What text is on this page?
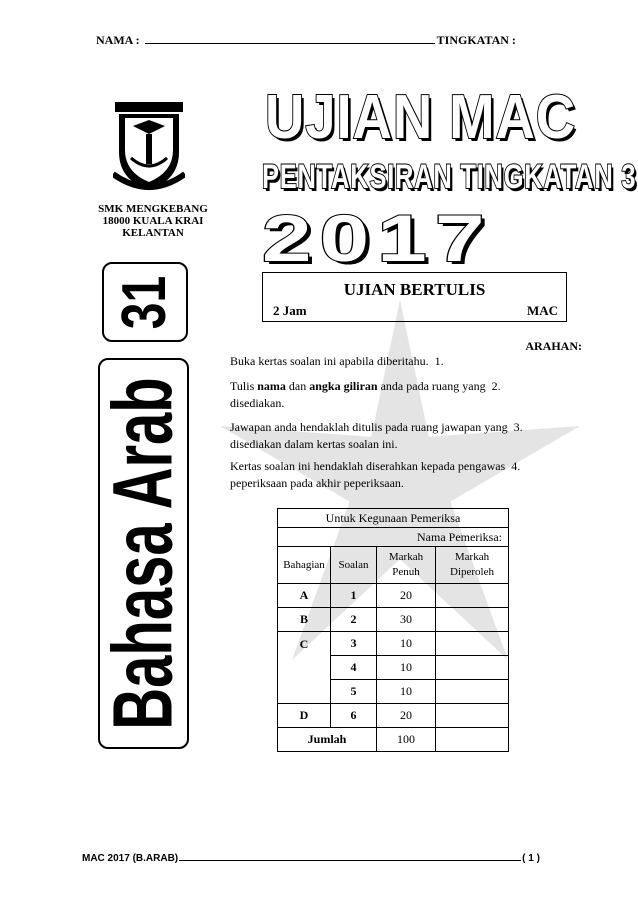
NAMA :	TINGKATAN :
SMK MENGKEBANG
18000 KUALA KRAI
KELANTAN
UJIAN MAC
PENTAKSIRAN TINGKATAN 3
2017
31
Bahasa Arab
UJIAN BERTULIS
2 Jam	MAC
ARAHAN:
Buka kertas soalan ini apabila diberitahu. 1.
Tulis nama dan angka giliran anda pada ruang yang 2.
disediakan.
Jawapan anda hendaklah ditulis pada ruang jawapan yang 3.
disediakan dalam kertas soalan ini.
Kertas soalan ini hendaklah diserahkan kepada pengawas 4.
peperiksaan pada akhir peperiksaan.
Untuk Kegunaan Pemeriksa			
Nama Pemeriksa:			
Bahagian	Soalan	Markah Penuh	Markah Diperoleh
A	1	20	
B	2	30	
C	3	10	
	4	10	
	5	10	
D	6	20	
Jumlah		100	
MAC 2017 (B.ARAB)	( 1 )
